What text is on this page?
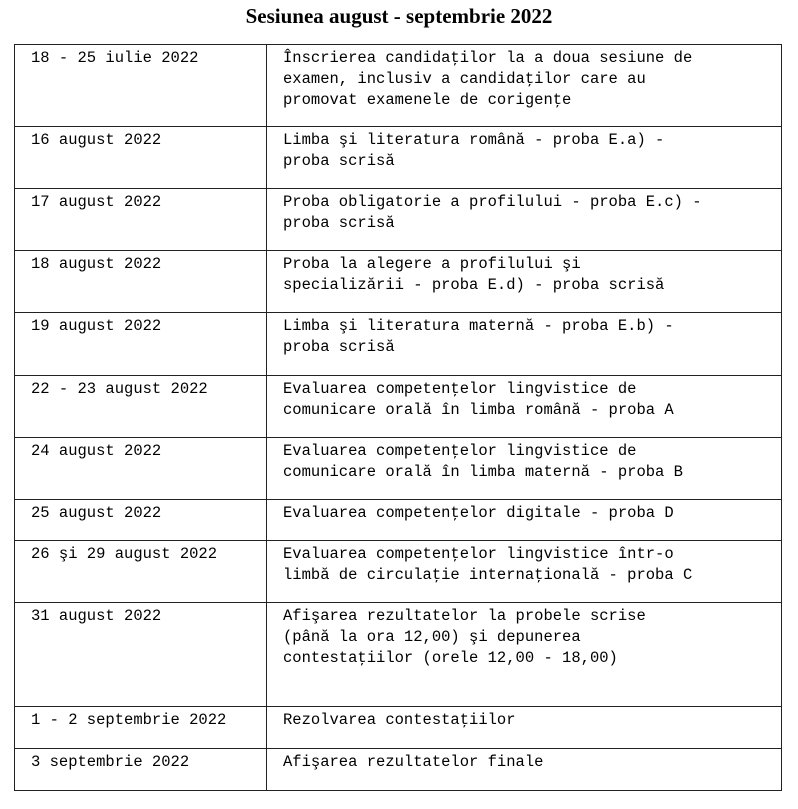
Sesiunea august - septembrie 2022
18 - 25 iulie 2022	Înscrierea candidaţilor la a doua sesiune de
examen, inclusiv a candidaţilor care au
promovat examenele de corigenţe
16 august 2022	Limba şi literatura română - proba E.a) -
proba scrisă
17 august 2022	Proba obligatorie a profilului - proba E.c) -
proba scrisă
18 august 2022	Proba la alegere a profilului şi
specializării - proba E.d) - proba scrisă
19 august 2022	Limba şi literatura maternă - proba E.b) -
proba scrisă
22 - 23 august 2022	Evaluarea competenţelor lingvistice de
comunicare orală în limba română - proba A
24 august 2022	Evaluarea competenţelor lingvistice de
comunicare orală în limba maternă - proba B
25 august 2022	Evaluarea competenţelor digitale - proba D
26 şi 29 august 2022	Evaluarea competenţelor lingvistice într-o
limbă de circulaţie internaţională - proba C
31 august 2022	Afişarea rezultatelor la probele scrise
(până la ora 12,00) şi depunerea
contestaţiilor (orele 12,00 - 18,00)
1 - 2 septembrie 2022	Rezolvarea contestaţiilor
3 septembrie 2022	Afişarea rezultatelor finale
